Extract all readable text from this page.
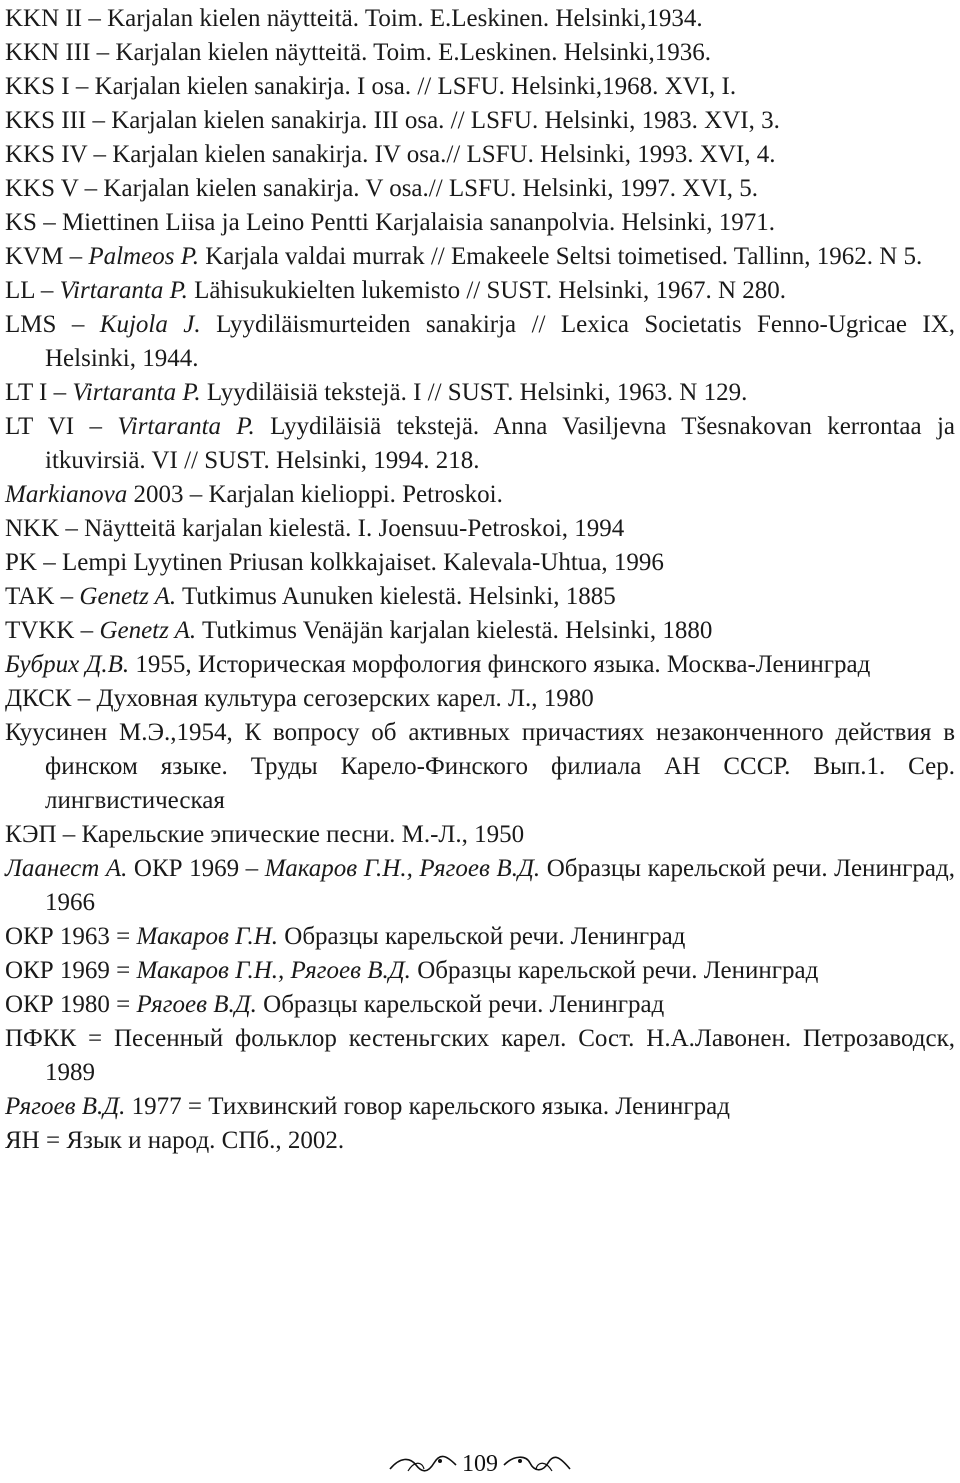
KKN II – Karjalan kielen näytteitä. Toim. E.Leskinen. Helsinki,1934.
KKN III – Karjalan kielen näytteitä. Toim. E.Leskinen. Helsinki,1936.
KKS I – Karjalan kielen sanakirja. I osa. // LSFU. Helsinki,1968. XVI, I.
KKS III – Karjalan kielen sanakirja. III osa. // LSFU. Helsinki, 1983. XVI, 3.
KKS IV – Karjalan kielen sanakirja. IV osa.// LSFU. Helsinki, 1993. XVI, 4.
KKS V – Karjalan kielen sanakirja. V osa.// LSFU. Helsinki, 1997. XVI, 5.
KS – Miettinen Liisa ja Leino Pentti Karjalaisia sananpolvia. Helsinki, 1971.
KVM – Palmeos P. Karjala valdai murrak // Emakeele Seltsi toimetised. Tallinn, 1962. N 5.
LL – Virtaranta P. Lähisukukielten lukemisto // SUST. Helsinki, 1967. N 280.
LMS – Kujola J. Lyydiläismurteiden sanakirja // Lexica Societatis Fenno-Ugricae IX, Helsinki, 1944.
LT I – Virtaranta P. Lyydiläisiä tekstejä. I // SUST. Helsinki, 1963. N 129.
LT VI – Virtaranta P. Lyydiläisiä tekstejä. Anna Vasiljevna Tšesnakovan kerrontaa ja itkuvirsiä. VI // SUST. Helsinki, 1994. 218.
Markianova 2003 – Karjalan kielioppi. Petroskoi.
NKK – Näytteitä karjalan kielestä. I. Joensuu-Petroskoi, 1994
PK – Lempi Lyytinen Priusan kolkkajaiset. Kalevala-Uhtua, 1996
TAK – Genetz A. Tutkimus Aunuken kielestä. Helsinki, 1885
TVKK – Genetz A. Tutkimus Venäjän karjalan kielestä. Helsinki, 1880
Бубрих Д.В. 1955, Историческая морфология финского языка. Москва-Ленинград
ДКСК – Духовная культура сегозерских карел. Л., 1980
Куусинен М.Э.,1954, К вопросу об активных причастиях незаконченного действия в финском языке. Труды Карело-Финского филиала АН СССР. Вып.1. Сер. лингвистическая
КЭП – Карельские эпические песни. М.-Л., 1950
Лаанест А. ОКР 1969 – Макаров Г.Н., Рягоев В.Д. Образцы карельской речи. Ленинград, 1966
ОКР 1963 = Макаров Г.Н. Образцы карельской речи. Ленинград
ОКР 1969 = Макаров Г.Н., Рягоев В.Д. Образцы карельской речи. Ленинград
ОКР 1980 = Рягоев В.Д. Образцы карельской речи. Ленинград
ПФКК = Песенный фольклор кестеньгских карел. Сост. Н.А.Лавонен. Петрозаводск, 1989
Рягоев В.Д. 1977 = Тихвинский говор карельского языка. Ленинград
ЯН = Язык и народ. СПб., 2002.
109
